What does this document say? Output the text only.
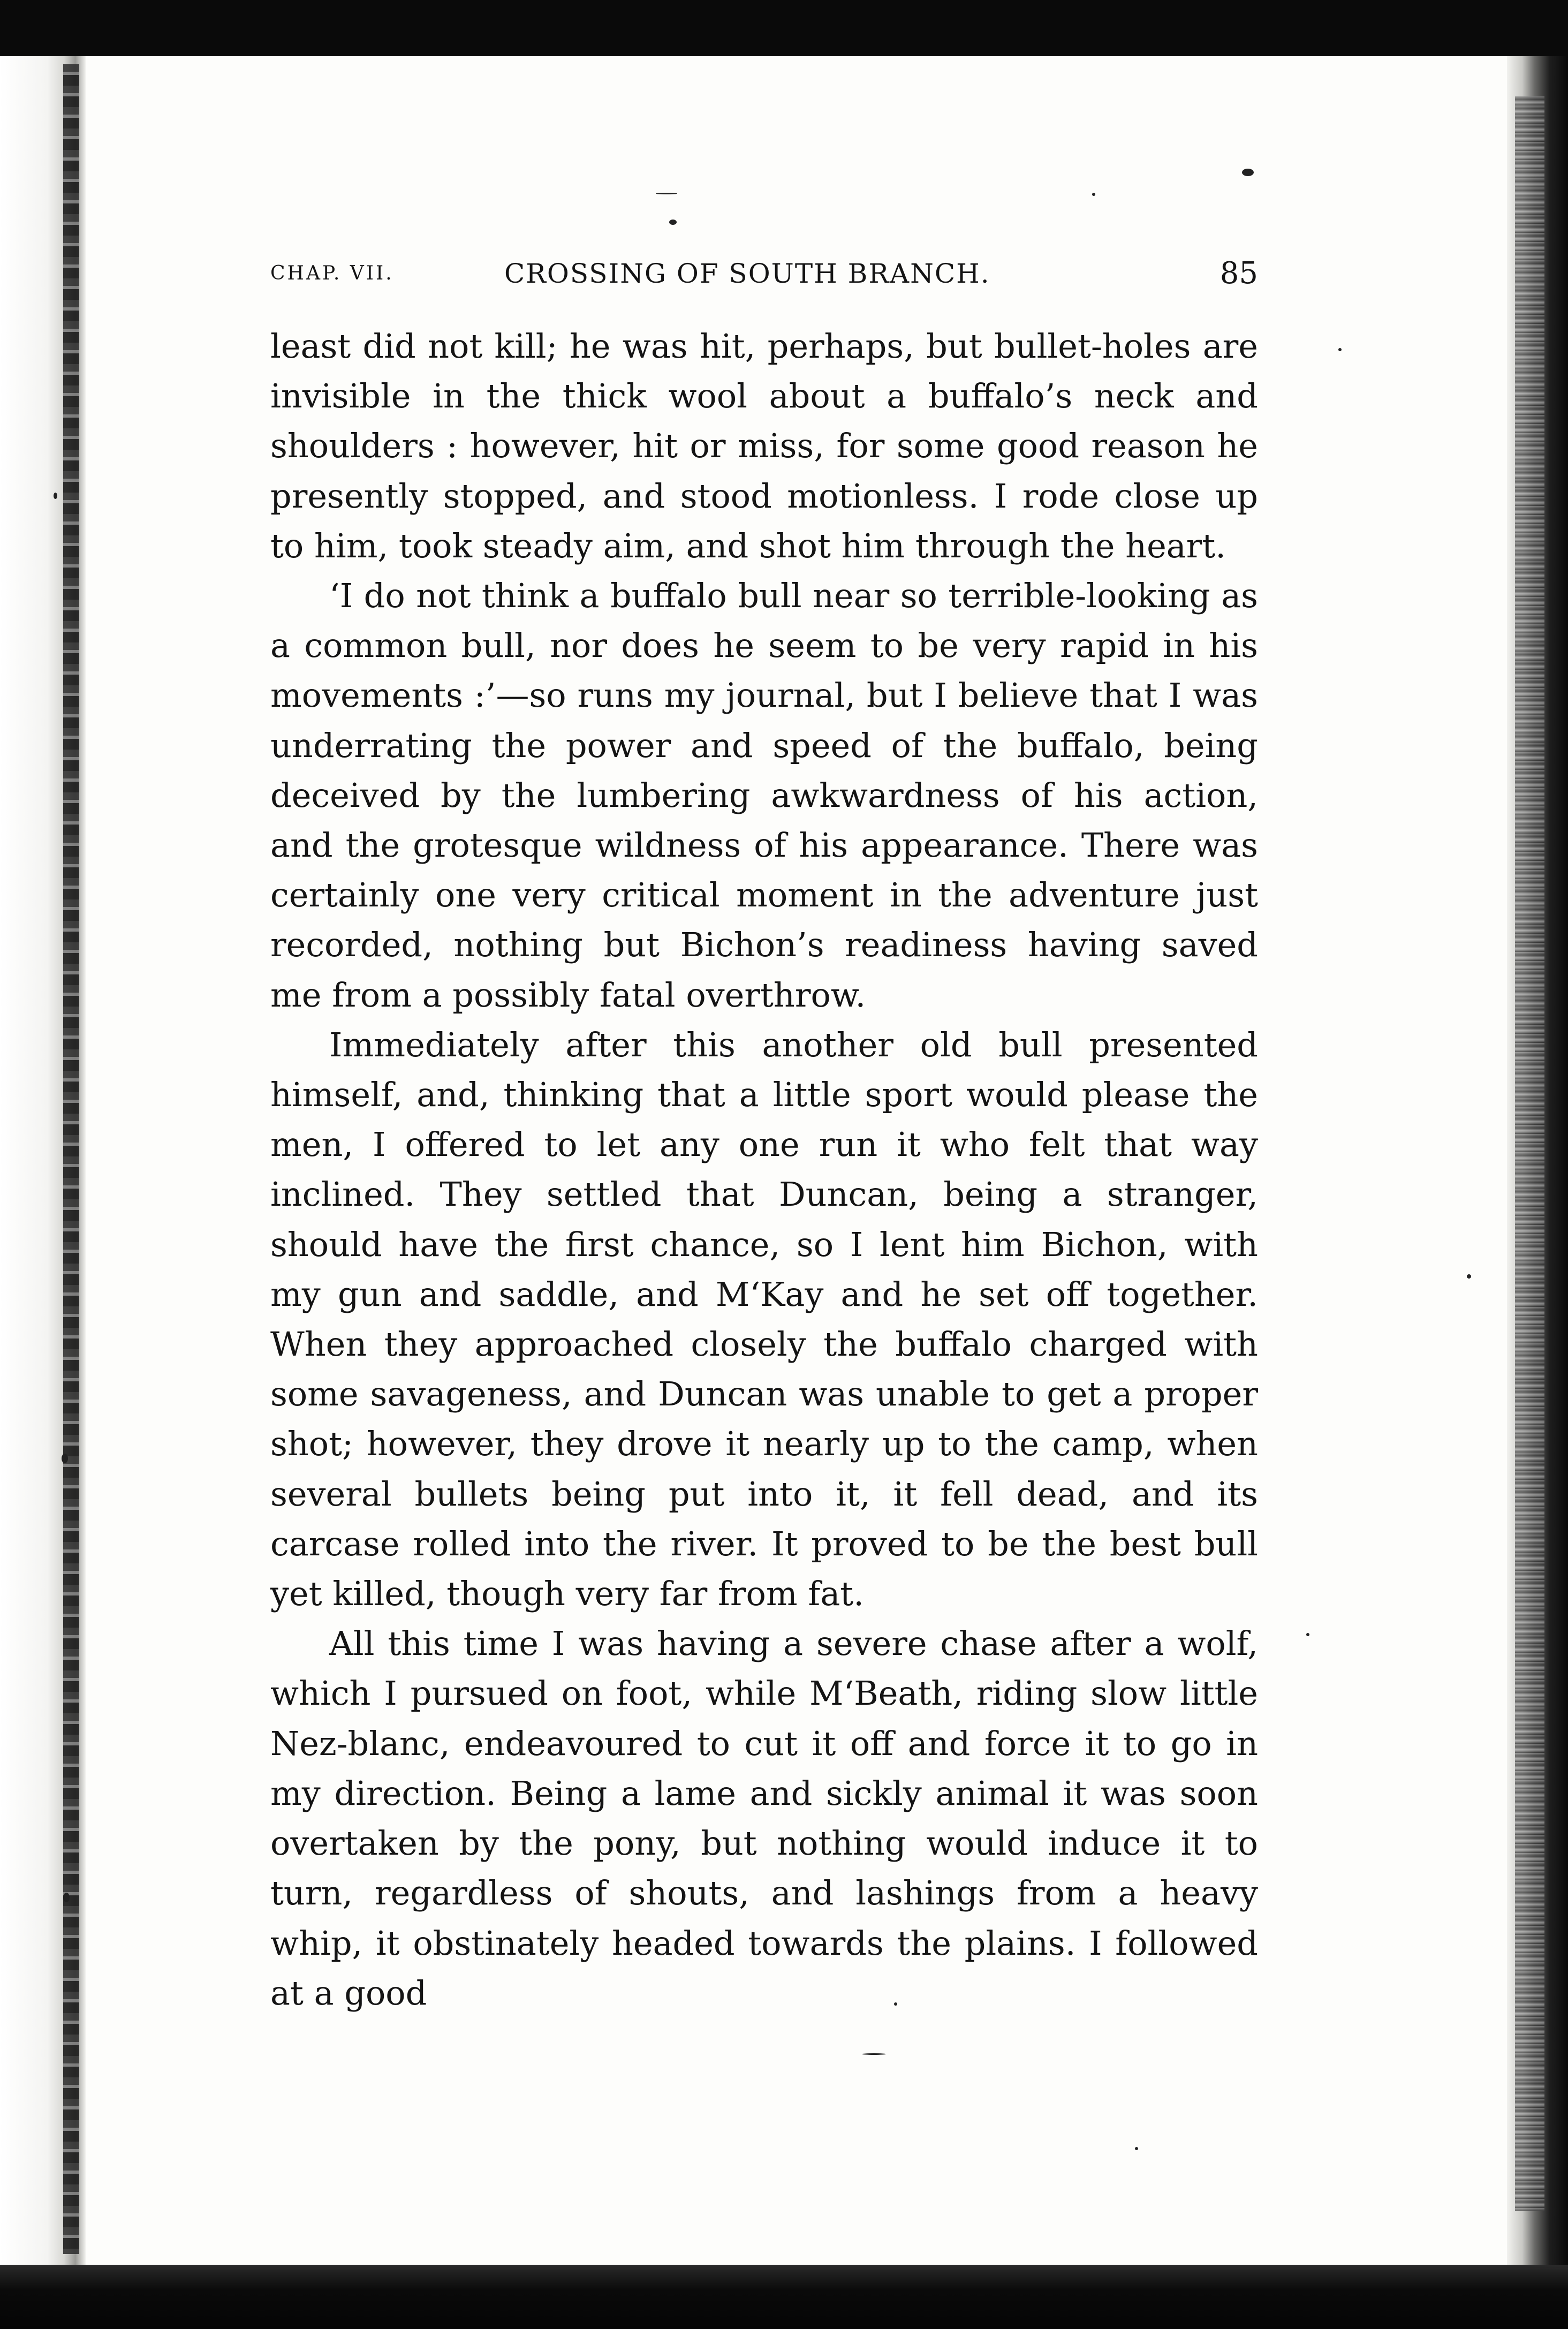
CHAP. VII.	CROSSING OF SOUTH BRANCH.	85

least did not kill; he was hit, perhaps, but bullet-holes are invisible in the thick wool about a buffalo’s neck and shoulders : however, hit or miss, for some good reason he presently stopped, and stood motionless. I rode close up to him, took steady aim, and shot him through the heart.

‘I do not think a buffalo bull near so terrible-looking as a common bull, nor does he seem to be very rapid in his movements :’—so runs my journal, but I believe that I was underrating the power and speed of the buffalo, being deceived by the lumbering awkwardness of his action, and the grotesque wildness of his appearance. There was certainly one very critical moment in the adventure just recorded, nothing but Bichon’s readiness having saved me from a possibly fatal overthrow.

Immediately after this another old bull presented himself, and, thinking that a little sport would please the men, I offered to let any one run it who felt that way inclined. They settled that Duncan, being a stranger, should have the first chance, so I lent him Bichon, with my gun and saddle, and M‘Kay and he set off together. When they approached closely the buffalo charged with some savageness, and Duncan was unable to get a proper shot; however, they drove it nearly up to the camp, when several bullets being put into it, it fell dead, and its carcase rolled into the river. It proved to be the best bull yet killed, though very far from fat.

All this time I was having a severe chase after a wolf, which I pursued on foot, while M‘Beath, riding slow little Nez-blanc, endeavoured to cut it off and force it to go in my direction. Being a lame and sickly animal it was soon overtaken by the pony, but nothing would induce it to turn, regardless of shouts, and lashings from a heavy whip, it obstinately headed towards the plains. I followed at a good
